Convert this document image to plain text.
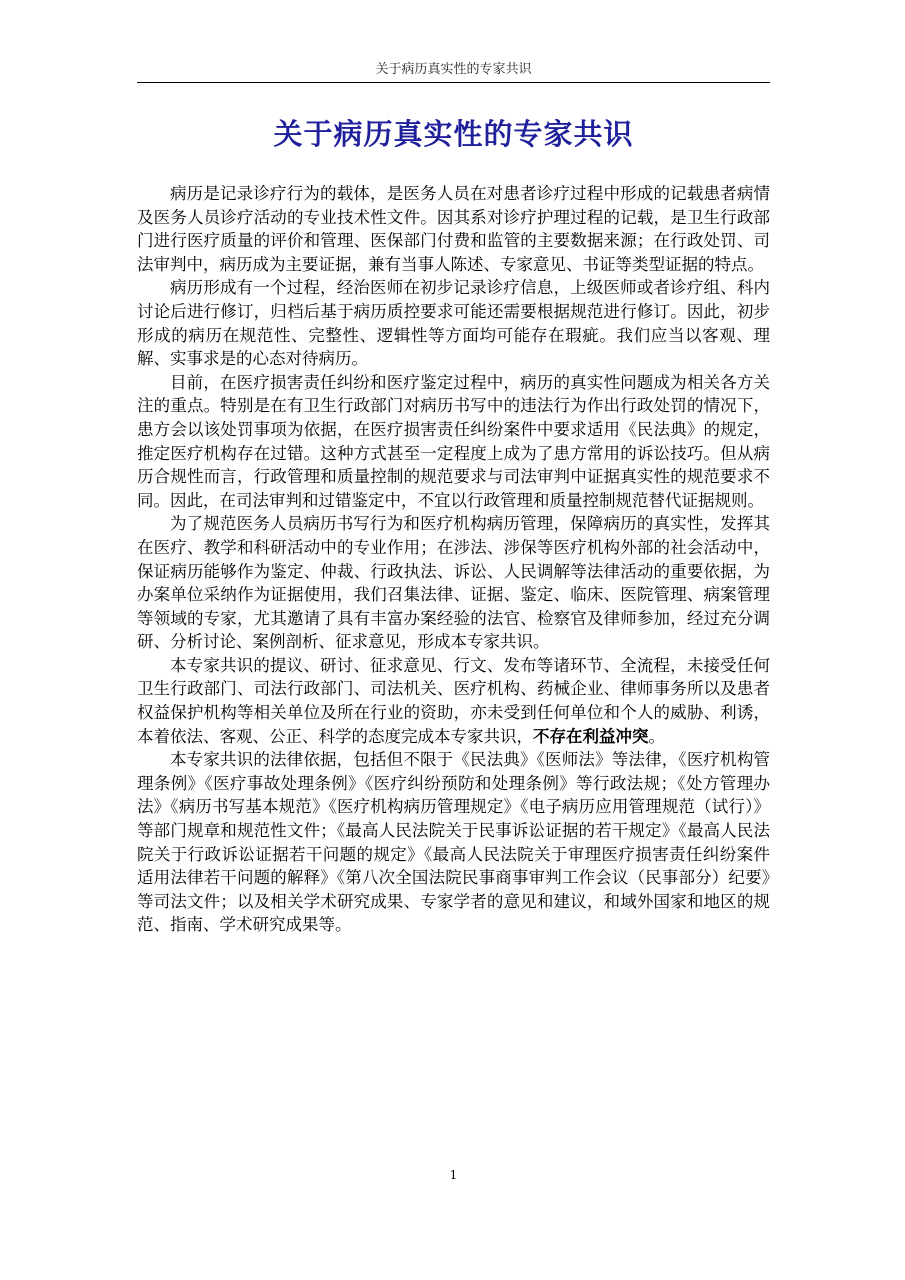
关于病历真实性的专家共识
关于病历真实性的专家共识

病历是记录诊疗行为的载体，是医务人员在对患者诊疗过程中形成的记载患者病情及医务人员诊疗活动的专业技术性文件。因其系对诊疗护理过程的记载，是卫生行政部门进行医疗质量的评价和管理、医保部门付费和监管的主要数据来源；在行政处罚、司法审判中，病历成为主要证据，兼有当事人陈述、专家意见、书证等类型证据的特点。

病历形成有一个过程，经治医师在初步记录诊疗信息，上级医师或者诊疗组、科内讨论后进行修订，归档后基于病历质控要求可能还需要根据规范进行修订。因此，初步形成的病历在规范性、完整性、逻辑性等方面均可能存在瑕疵。我们应当以客观、理解、实事求是的心态对待病历。

目前，在医疗损害责任纠纷和医疗鉴定过程中，病历的真实性问题成为相关各方关注的重点。特别是在有卫生行政部门对病历书写中的违法行为作出行政处罚的情况下，患方会以该处罚事项为依据，在医疗损害责任纠纷案件中要求适用《民法典》的规定，推定医疗机构存在过错。这种方式甚至一定程度上成为了患方常用的诉讼技巧。但从病历合规性而言，行政管理和质量控制的规范要求与司法审判中证据真实性的规范要求不同。因此，在司法审判和过错鉴定中，不宜以行政管理和质量控制规范替代证据规则。

为了规范医务人员病历书写行为和医疗机构病历管理，保障病历的真实性，发挥其在医疗、教学和科研活动中的专业作用；在涉法、涉保等医疗机构外部的社会活动中，保证病历能够作为鉴定、仲裁、行政执法、诉讼、人民调解等法律活动的重要依据，为办案单位采纳作为证据使用，我们召集法律、证据、鉴定、临床、医院管理、病案管理等领域的专家，尤其邀请了具有丰富办案经验的法官、检察官及律师参加，经过充分调研、分析讨论、案例剖析、征求意见，形成本专家共识。

本专家共识的提议、研讨、征求意见、行文、发布等诸环节、全流程，未接受任何卫生行政部门、司法行政部门、司法机关、医疗机构、药械企业、律师事务所以及患者权益保护机构等相关单位及所在行业的资助，亦未受到任何单位和个人的威胁、利诱，本着依法、客观、公正、科学的态度完成本专家共识，不存在利益冲突。

本专家共识的法律依据，包括但不限于《民法典》《医师法》等法律，《医疗机构管理条例》《医疗事故处理条例》《医疗纠纷预防和处理条例》等行政法规；《处方管理办法》《病历书写基本规范》《医疗机构病历管理规定》《电子病历应用管理规范（试行）》等部门规章和规范性文件；《最高人民法院关于民事诉讼证据的若干规定》《最高人民法院关于行政诉讼证据若干问题的规定》《最高人民法院关于审理医疗损害责任纠纷案件适用法律若干问题的解释》《第八次全国法院民事商事审判工作会议（民事部分）纪要》等司法文件；以及相关学术研究成果、专家学者的意见和建议，和域外国家和地区的规范、指南、学术研究成果等。

1
